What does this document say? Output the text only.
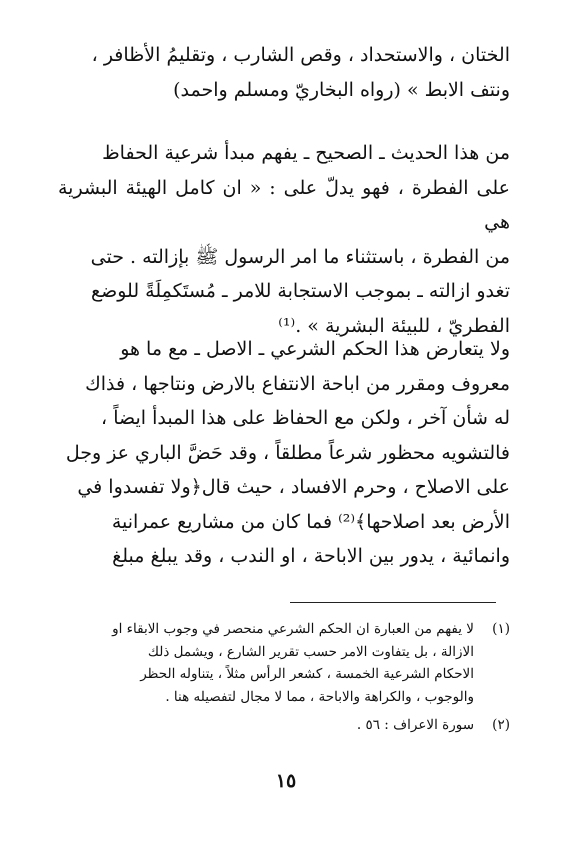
الختان ، والاستحداد ، وقص الشارب ، وتقليمُ الأظافر ،

ونتف الابط » (رواه البخاريّ ومسلم واحمد)

من هذا الحديث ـ الصحيح ـ يفهم مبدأ شرعية الحفاظ

على الفطرة ، فهو يدلّ على : « ان كامل الهيئة البشرية هي

من الفطرة ، باستثناء ما امر الرسول ﷺ بإزالته . حتى

تغدو ازالته ـ بموجب الاستجابة للامر ـ مُستَكمِلَةً للوضع

الفطريّ ، للبيئة البشرية » .⁽¹⁾

ولا يتعارض هذا الحكم الشرعي ـ الاصل ـ مع ما هو

معروف ومقرر من اباحة الانتفاع بالارض ونتاجها ، فذاك

له شأن آخر ، ولكن مع الحفاظ على هذا المبدأ ايضاً ،

فالتشويه محظور شرعاً مطلقاً ، وقد حَضَّ الباري عز وجل

على الاصلاح ، وحرم الافساد ، حيث قال﴿ولا تفسدوا في

الأرض بعد اصلاحها﴾⁽²⁾ فما كان من مشاريع عمرانية

وانمائية ، يدور بين الاباحة ، او الندب ، وقد يبلغ مبلغ

(١)
لا يفهم من العبارة ان الحكم الشرعي منحصر في وجوب الابقاء او
الازالة ، بل يتفاوت الامر حسب تقرير الشارع ، ويشمل ذلك
الاحكام الشرعية الخمسة ، كشعر الرأس مثلاً ، يتناوله الحظر
والوجوب ، والكراهة والاباحة ، مما لا مجال لتفصيله هنا .
(٢)
سورة الاعراف : ٥٦ .
١٥
